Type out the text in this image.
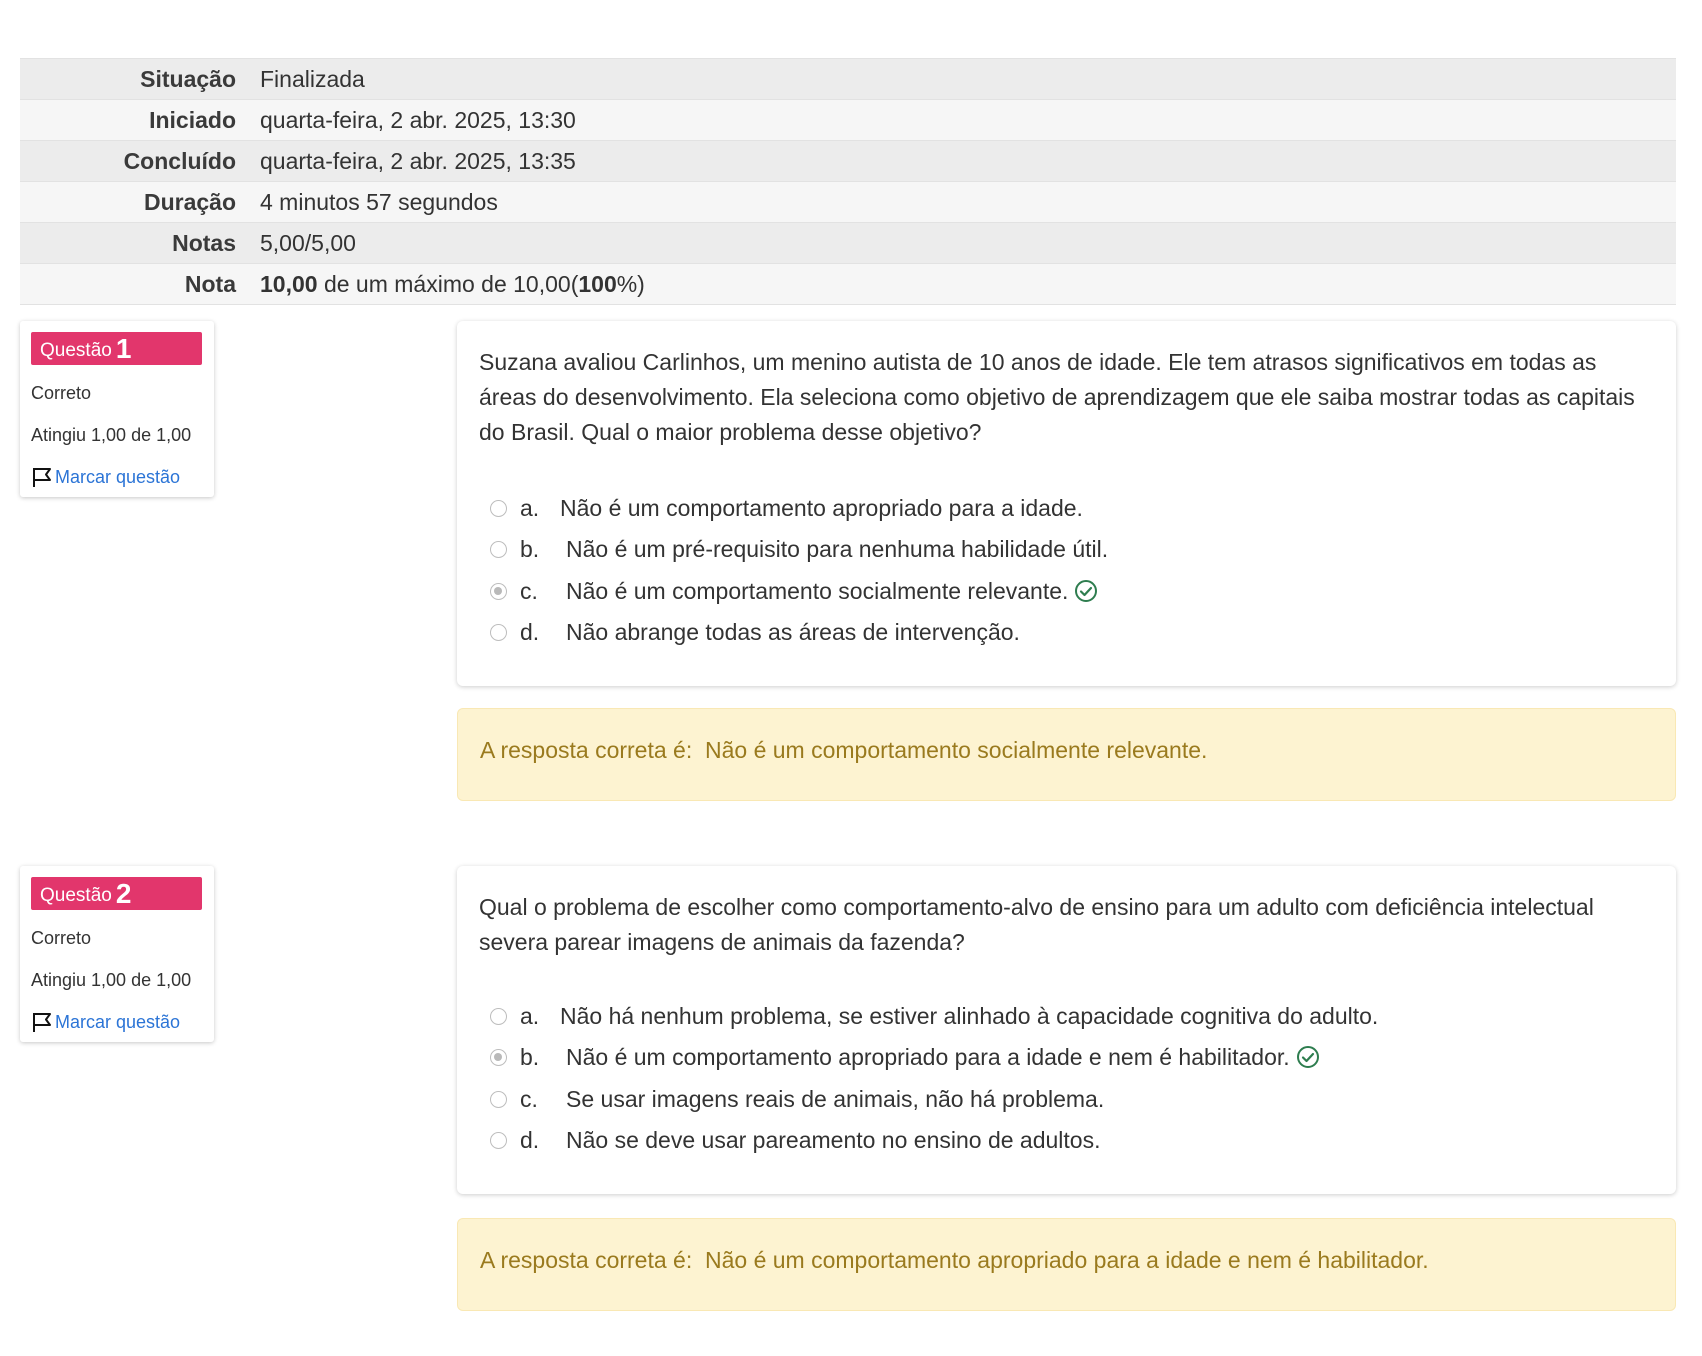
Situação	Finalizada
Iniciado	quarta-feira, 2 abr. 2025, 13:30
Concluído	quarta-feira, 2 abr. 2025, 13:35
Duração	4 minutos 57 segundos
Notas	5,00/5,00
Nota	10,00 de um máximo de 10,00(100%)
Questão 1
Correto
Atingiu 1,00 de 1,00
Marcar questão
Suzana avaliou Carlinhos, um menino autista de 10 anos de idade. Ele tem atrasos significativos em todas as áreas do desenvolvimento. Ela seleciona como objetivo de aprendizagem que ele saiba mostrar todas as capitais do Brasil. Qual o maior problema desse objetivo?
a. Não é um comportamento apropriado para a idade.
b.	Não é um pré-requisito para nenhuma habilidade útil.
c.	Não é um comportamento socialmente relevante.
d.	Não abrange todas as áreas de intervenção.
A resposta correta é:  Não é um comportamento socialmente relevante.
Questão 2
Correto
Atingiu 1,00 de 1,00
Marcar questão
Qual o problema de escolher como comportamento-alvo de ensino para um adulto com deficiência intelectual severa parear imagens de animais da fazenda?
a. Não há nenhum problema, se estiver alinhado à capacidade cognitiva do adulto.
b.	Não é um comportamento apropriado para a idade e nem é habilitador.
c.	Se usar imagens reais de animais, não há problema.
d.	Não se deve usar pareamento no ensino de adultos.
A resposta correta é:  Não é um comportamento apropriado para a idade e nem é habilitador.
